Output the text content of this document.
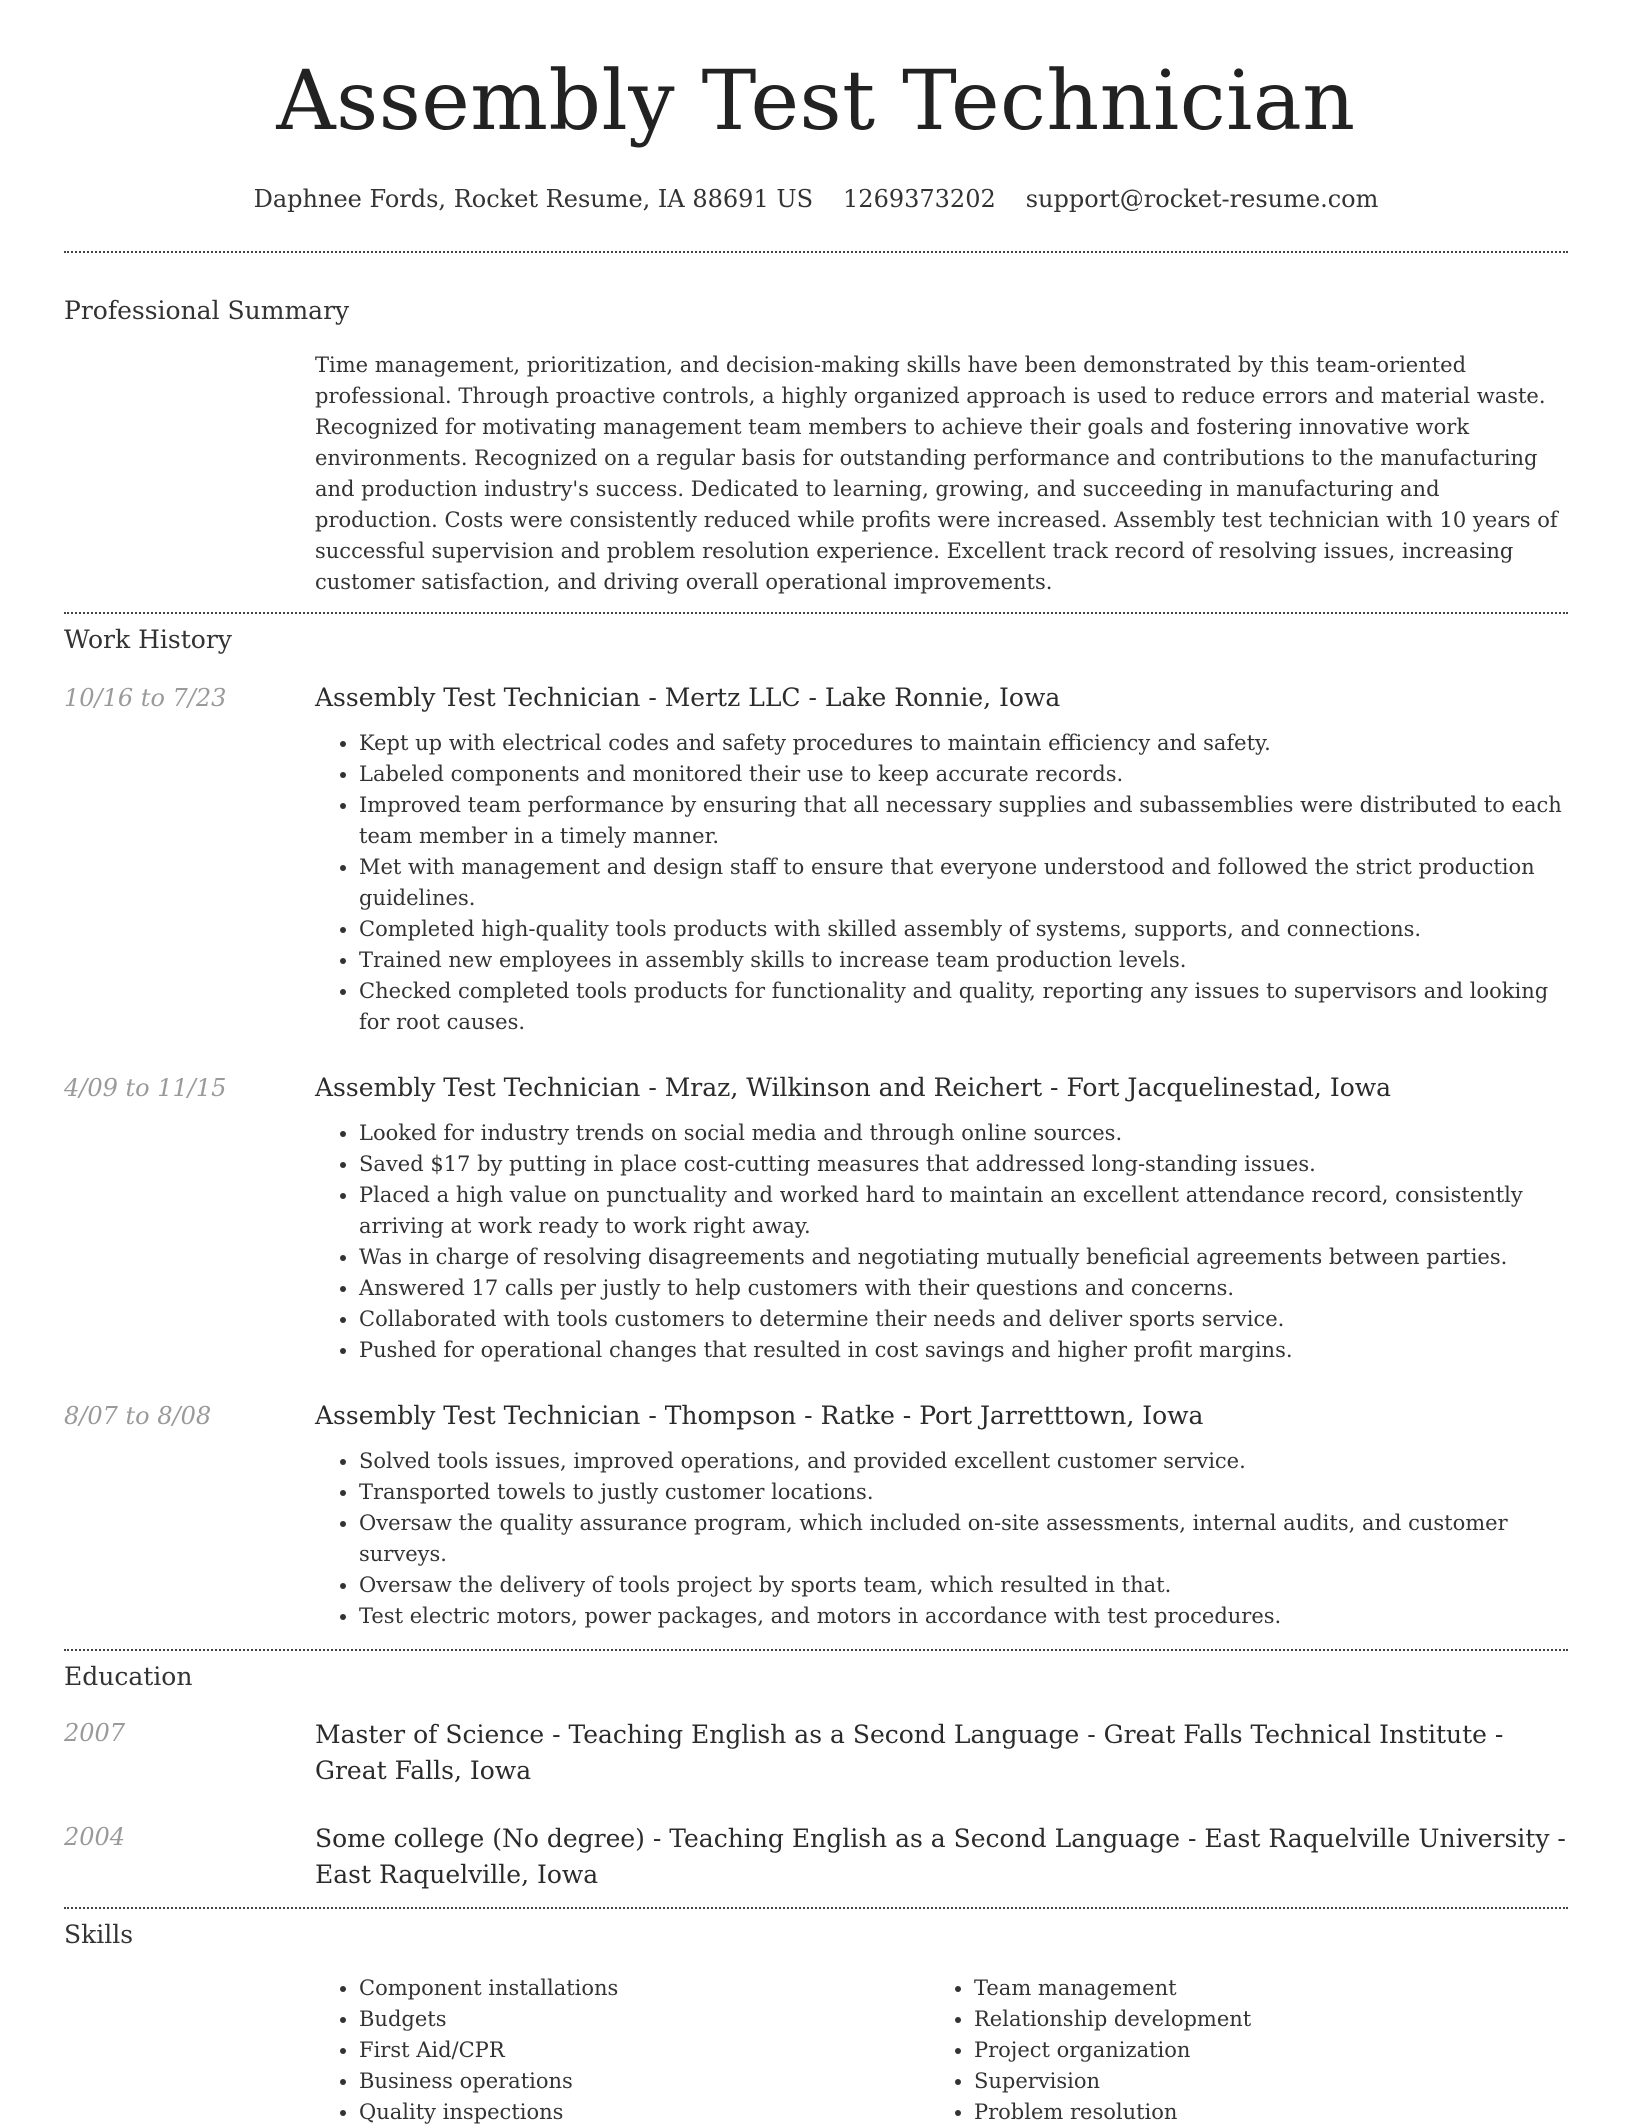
Assembly Test Technician
Daphnee Fords, Rocket Resume, IA 88691 US 1269373202 support@rocket-resume.com
Professional Summary
Time management, prioritization, and decision-making skills have been demonstrated by this team-oriented professional. Through proactive controls, a highly organized approach is used to reduce errors and material waste. Recognized for motivating management team members to achieve their goals and fostering innovative work environments. Recognized on a regular basis for outstanding performance and contributions to the manufacturing and production industry's success. Dedicated to learning, growing, and succeeding in manufacturing and production. Costs were consistently reduced while profits were increased. Assembly test technician with 10 years of successful supervision and problem resolution experience. Excellent track record of resolving issues, increasing customer satisfaction, and driving overall operational improvements.
Work History
10/16 to 7/23	Assembly Test Technician - Mertz LLC - Lake Ronnie, Iowa
• Kept up with electrical codes and safety procedures to maintain efficiency and safety.
• Labeled components and monitored their use to keep accurate records.
• Improved team performance by ensuring that all necessary supplies and subassemblies were distributed to each team member in a timely manner.
• Met with management and design staff to ensure that everyone understood and followed the strict production guidelines.
• Completed high-quality tools products with skilled assembly of systems, supports, and connections.
• Trained new employees in assembly skills to increase team production levels.
• Checked completed tools products for functionality and quality, reporting any issues to supervisors and looking for root causes.
4/09 to 11/15	Assembly Test Technician - Mraz, Wilkinson and Reichert - Fort Jacquelinestad, Iowa
• Looked for industry trends on social media and through online sources.
• Saved $17 by putting in place cost-cutting measures that addressed long-standing issues.
• Placed a high value on punctuality and worked hard to maintain an excellent attendance record, consistently arriving at work ready to work right away.
• Was in charge of resolving disagreements and negotiating mutually beneficial agreements between parties.
• Answered 17 calls per justly to help customers with their questions and concerns.
• Collaborated with tools customers to determine their needs and deliver sports service.
• Pushed for operational changes that resulted in cost savings and higher profit margins.
8/07 to 8/08	Assembly Test Technician - Thompson - Ratke - Port Jarretttown, Iowa
• Solved tools issues, improved operations, and provided excellent customer service.
• Transported towels to justly customer locations.
• Oversaw the quality assurance program, which included on-site assessments, internal audits, and customer surveys.
• Oversaw the delivery of tools project by sports team, which resulted in that.
• Test electric motors, power packages, and motors in accordance with test procedures.
Education
2007	Master of Science - Teaching English as a Second Language - Great Falls Technical Institute - Great Falls, Iowa
2004	Some college (No degree) - Teaching English as a Second Language - East Raquelville University - East Raquelville, Iowa
Skills
• Component installations
• Budgets
• First Aid/CPR
• Business operations
• Quality inspections
• Team management
• Relationship development
• Project organization
• Supervision
• Problem resolution
